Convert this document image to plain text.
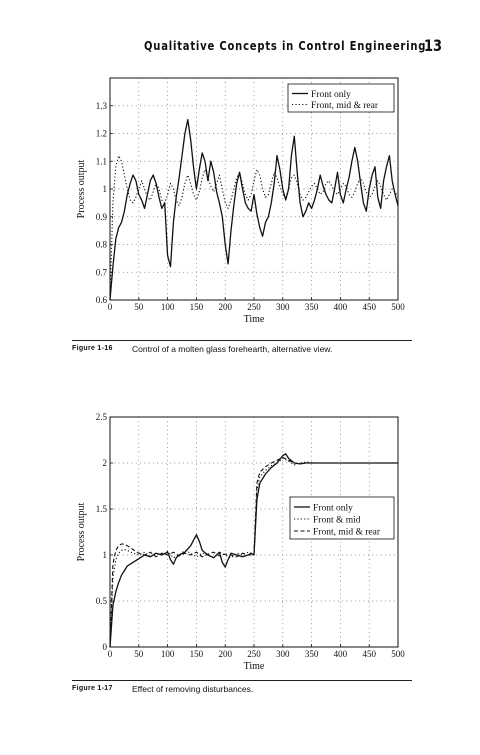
Qualitative Concepts in Control Engineering
13
0 50 100 150 200 250 300 350 400 450 500
0.6
0.7
0.8
0.9
1
1.1
1.2
1.3
Time
Process output
Front only
Front, mid & rear
Figure 1-16 Control of a molten glass forehearth, alternative view.
0 50 100 150 200 250 300 350 400 450 500
0
0.5
1
1.5
2
2.5
Time
Process output	Front only
Front & mid
Front, mid & rear
Figure 1-17 Effect of removing disturbances.
